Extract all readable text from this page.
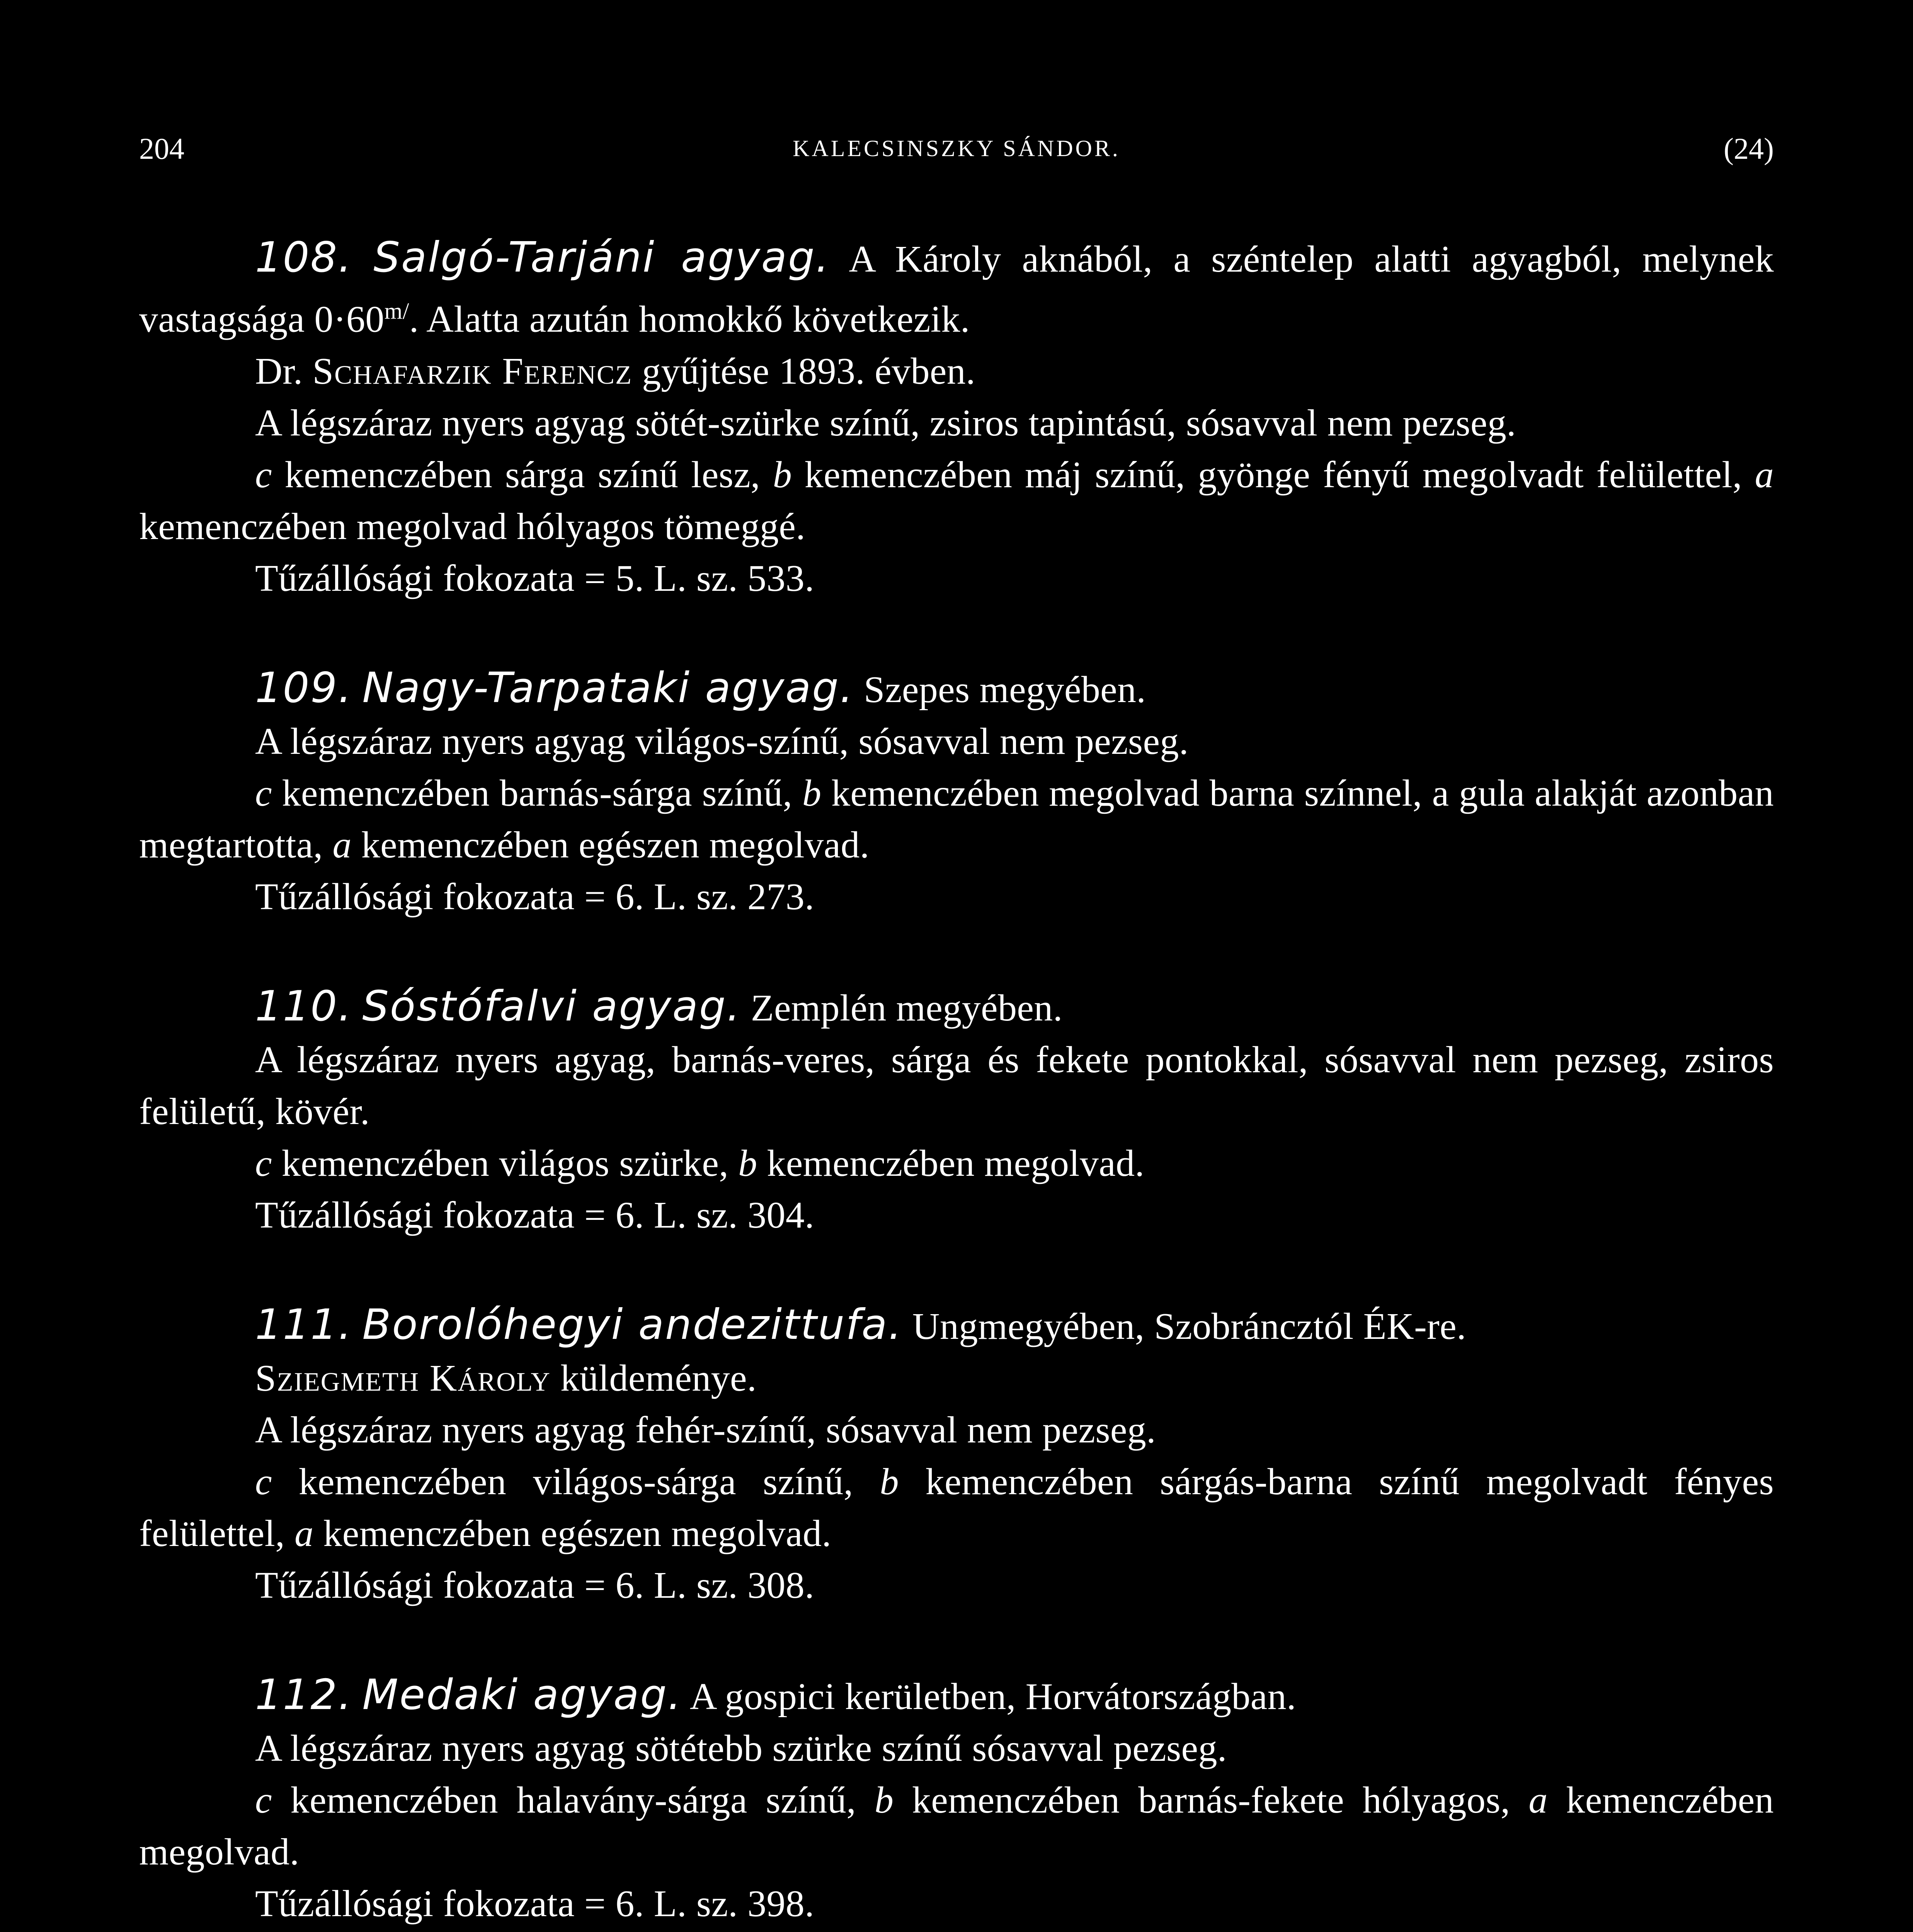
204	KALECSINSZKY SÁNDOR.	(24)

108. Salgó-Tarjáni agyag. A Károly aknából, a széntelep alatti agyagból, melynek vastagsága $0\cdot 60^{m/}$. Alatta azután homokkő következik.

Dr. Schafarzik Ferencz gyűjtése 1893. évben.

A légszáraz nyers agyag sötét-szürke színű, zsiros tapintású, sósavval nem pezseg.

c kemenczében sárga színű lesz, b kemenczében máj színű, gyönge fényű megolvadt felülettel, a kemenczében megolvad hólyagos tömeggé.

Tűzállósági fokozata = 5. L. sz. 533.

109. Nagy-Tarpataki agyag. Szepes megyében.

A légszáraz nyers agyag világos-színű, sósavval nem pezseg.

c kemenczében barnás-sárga színű, b kemenczében megolvad barna színnel, a gula alakját azonban megtartotta, a kemenczében egészen megolvad.

Tűzállósági fokozata = 6. L. sz. 273.

110. Sóstófalvi agyag. Zemplén megyében.

A légszáraz nyers agyag, barnás-veres, sárga és fekete pontokkal, sósavval nem pezseg, zsiros felületű, kövér.

c kemenczében világos szürke, b kemenczében megolvad.

Tűzállósági fokozata = 6. L. sz. 304.

111. Borolóhegyi andezittufa. Ungmegyében, Szobráncztól ÉK-re.

Sziegmeth Károly küldeménye.

A légszáraz nyers agyag fehér-színű, sósavval nem pezseg.

c kemenczében világos-sárga színű, b kemenczében sárgás-barna színű megolvadt fényes felülettel, a kemenczében egészen megolvad.

Tűzállósági fokozata = 6. L. sz. 308.

112. Medaki agyag. A gospici kerületben, Horvátországban.

A légszáraz nyers agyag sötétebb szürke színű sósavval pezseg.

c kemenczében halavány-sárga színű, b kemenczében barnás-fekete hólyagos, a kemenczében megolvad.

Tűzállósági fokozata = 6. L. sz. 398.
